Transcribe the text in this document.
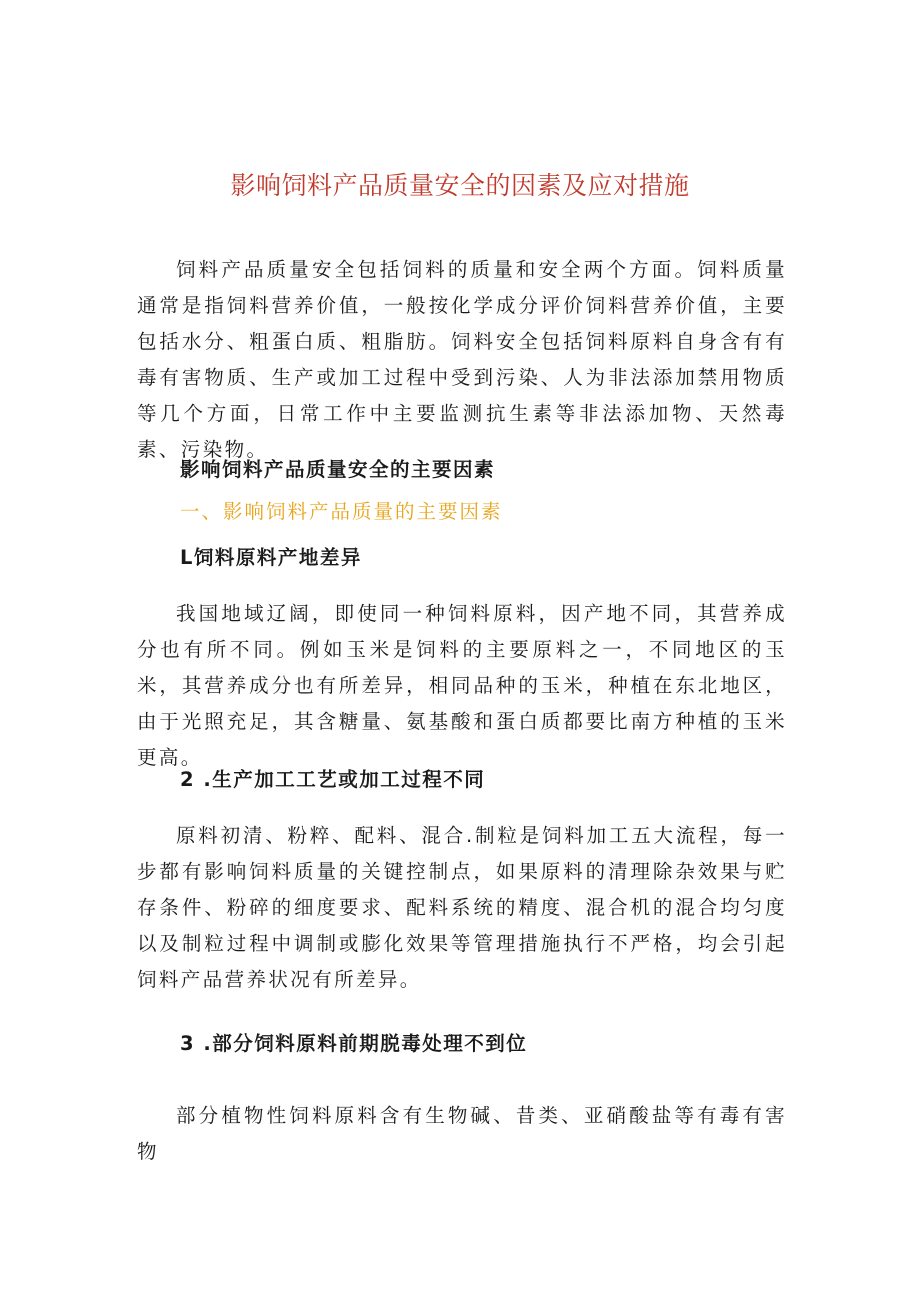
影响饲料产品质量安全的因素及应对措施

饲料产品质量安全包括饲料的质量和安全两个方面。饲料质量通常是指饲料营养价值，一般按化学成分评价饲料营养价值，主要包括水分、粗蛋白质、粗脂肪。饲料安全包括饲料原料自身含有有毒有害物质、生产或加工过程中受到污染、人为非法添加禁用物质等几个方面，日常工作中主要监测抗生素等非法添加物、天然毒素、污染物。

影响饲料产品质量安全的主要因素

一、影响饲料产品质量的主要因素

L饲料原料产地差异

我国地域辽阔，即使同一种饲料原料，因产地不同，其营养成分也有所不同。例如玉米是饲料的主要原料之一，不同地区的玉米，其营养成分也有所差异，相同品种的玉米，种植在东北地区，由于光照充足，其含糖量、氨基酸和蛋白质都要比南方种植的玉米更高。

2 .生产加工工艺或加工过程不同

原料初清、粉粹、配料、混合.制粒是饲料加工五大流程，每一步都有影响饲料质量的关键控制点，如果原料的清理除杂效果与贮存条件、粉碎的细度要求、配料系统的精度、混合机的混合均匀度以及制粒过程中调制或膨化效果等管理措施执行不严格，均会引起饲料产品营养状况有所差异。

3 .部分饲料原料前期脱毒处理不到位

部分植物性饲料原料含有生物碱、昔类、亚硝酸盐等有毒有害物
